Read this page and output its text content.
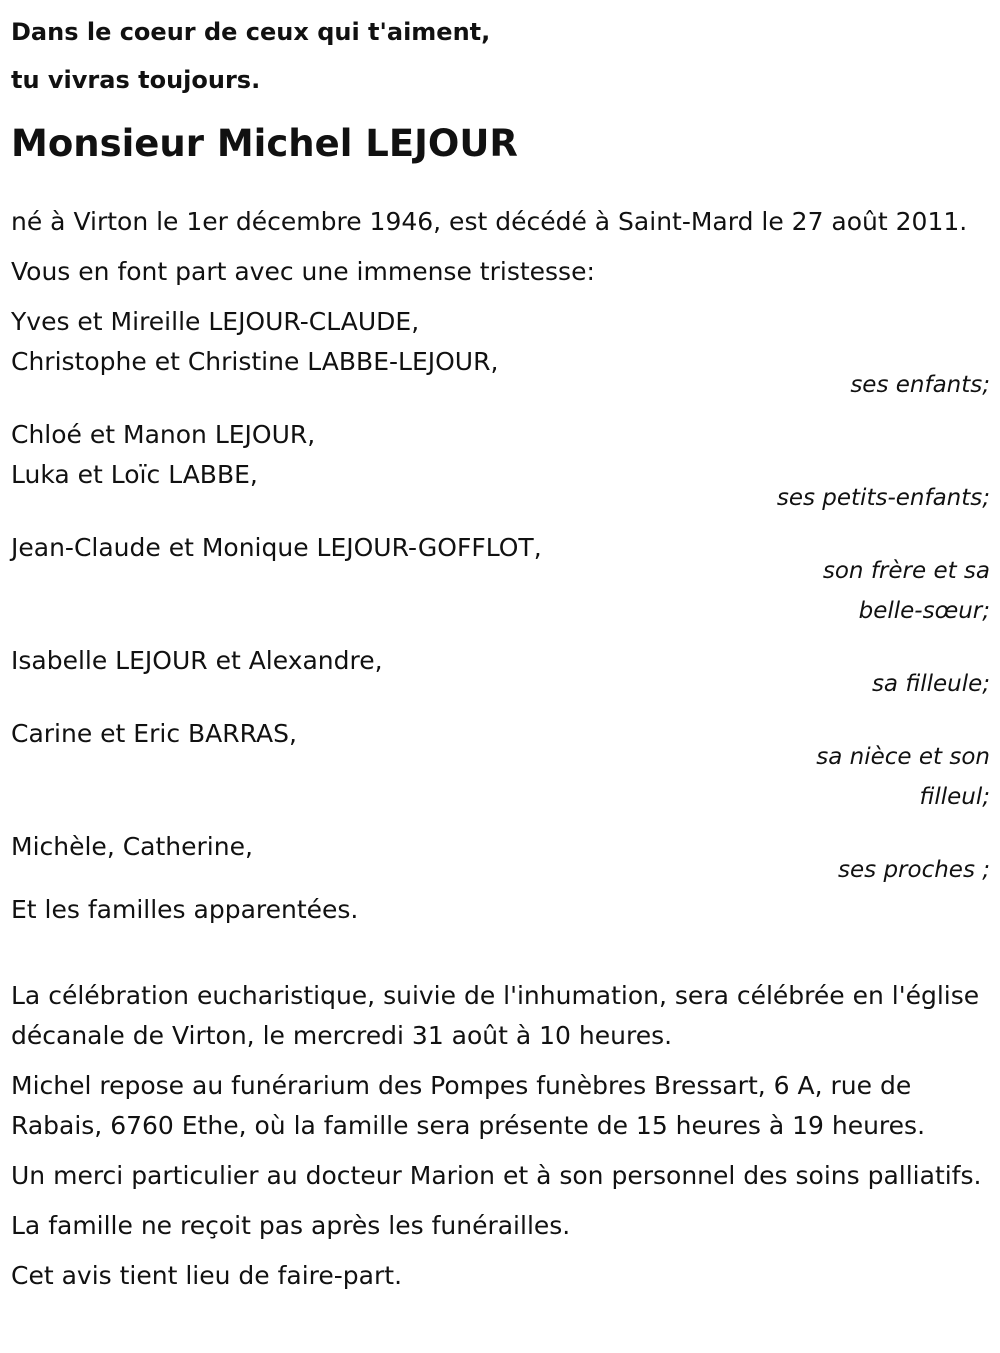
Dans le coeur de ceux qui t'aiment,
tu vivras toujours.
Monsieur Michel LEJOUR

né à Virton le 1er décembre 1946, est décédé à Saint-Mard le 27 août 2011.

Vous en font part avec une immense tristesse:

Yves et Mireille LEJOUR-CLAUDE,
Christophe et Christine LABBE-LEJOUR,
ses enfants;
Chloé et Manon LEJOUR,
Luka et Loïc LABBE,
ses petits-enfants;
Jean-Claude et Monique LEJOUR-GOFFLOT,
son frère et sa belle-sœur;
Isabelle LEJOUR et Alexandre,
sa filleule;
Carine et Eric BARRAS,
sa nièce et son filleul;
Michèle, Catherine,
ses proches ;

Et les familles apparentées.

La célébration eucharistique, suivie de l'inhumation, sera célébrée en l'église décanale de Virton, le mercredi 31 août à 10 heures.

Michel repose au funérarium des Pompes funèbres Bressart, 6 A, rue de Rabais, 6760 Ethe, où la famille sera présente de 15 heures à 19 heures.

Un merci particulier au docteur Marion et à son personnel des soins palliatifs.

La famille ne reçoit pas après les funérailles.

Cet avis tient lieu de faire-part.
